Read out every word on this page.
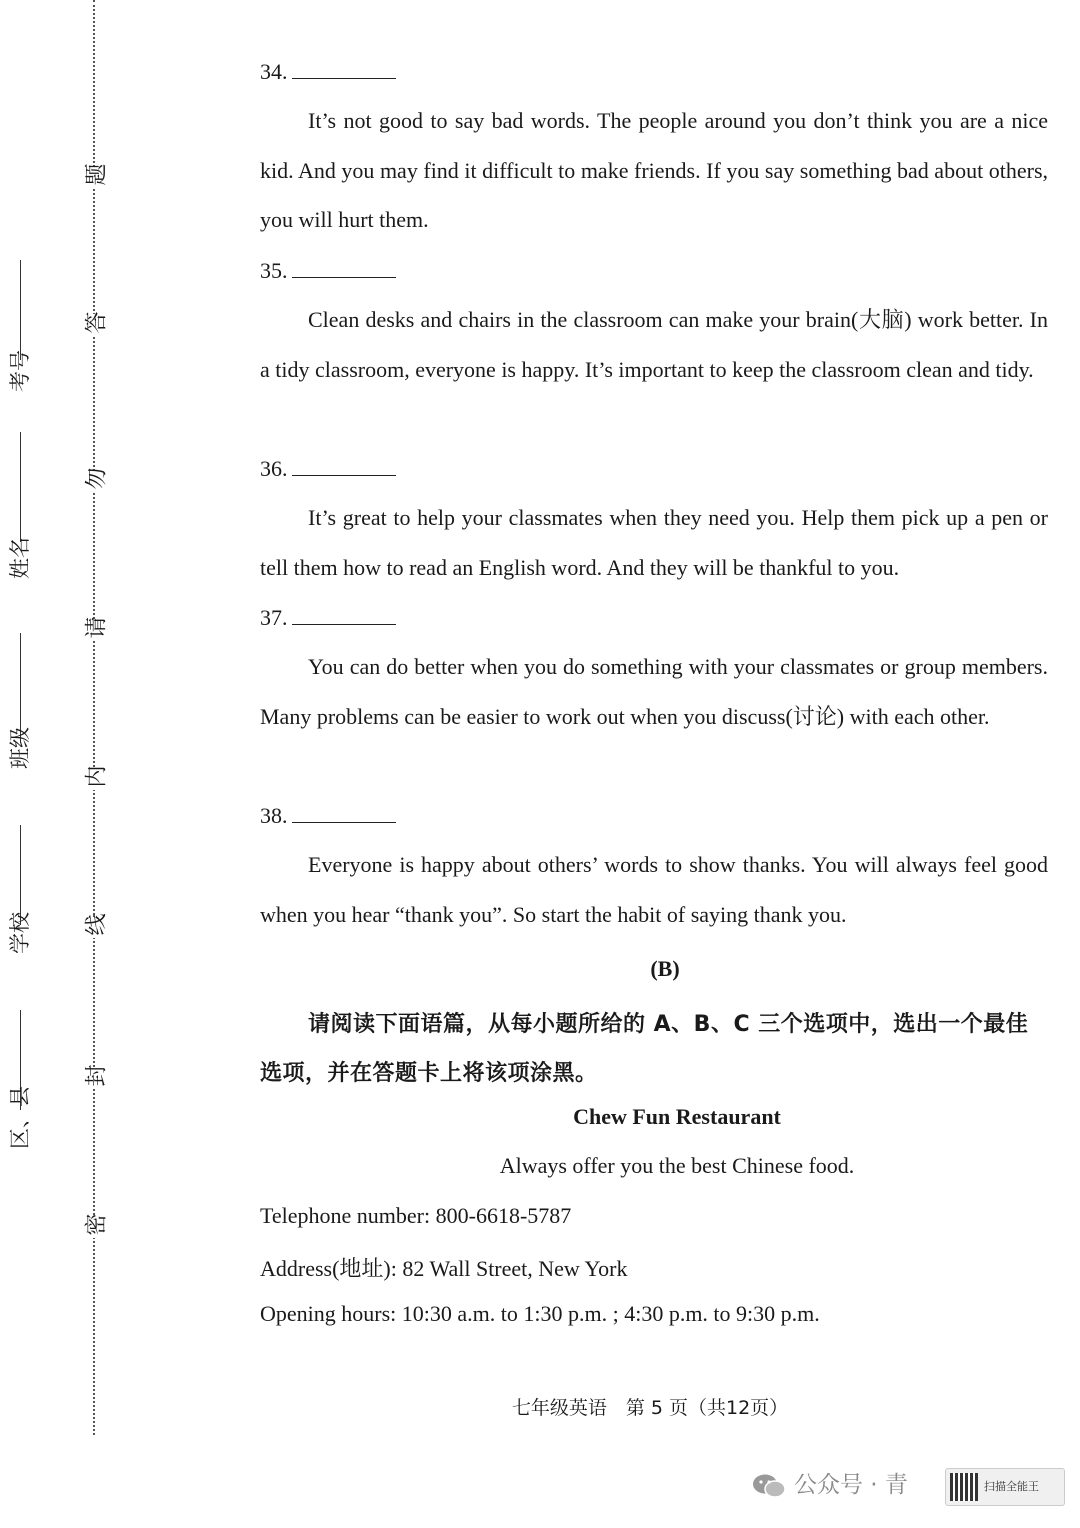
题
答
勿
请
内
线
封
密
考号
姓名
班级
学校
区、县
34.
It’s not good to say bad words. The people around you don’t think you are a nice kid. And you may find it difficult to make friends. If you say something bad about others, you will hurt them.
35.
Clean desks and chairs in the classroom can make your brain(大脑) work better. In a tidy classroom, everyone is happy. It’s important to keep the classroom clean and tidy.
36.
It’s great to help your classmates when they need you. Help them pick up a pen or tell them how to read an English word. And they will be thankful to you.
37.
You can do better when you do something with your classmates or group members. Many problems can be easier to work out when you discuss(讨论) with each other.
38.
Everyone is happy about others’ words to show thanks. You will always feel good when you hear “thank you”. So start the habit of saying thank you.
(B)
请阅读下面语篇，从每小题所给的 A、B、C 三个选项中，选出一个最佳选项，并在答题卡上将该项涂黑。
Chew Fun Restaurant
Always offer you the best Chinese food.
Telephone number: 800-6618-5787
Address(地址): 82 Wall Street, New York
Opening hours: 10:30 a.m. to 1:30 p.m. ; 4:30 p.m. to 9:30 p.m.
七年级英语　第 5 页（共12页）
公众号 · 青	扫描全能王
